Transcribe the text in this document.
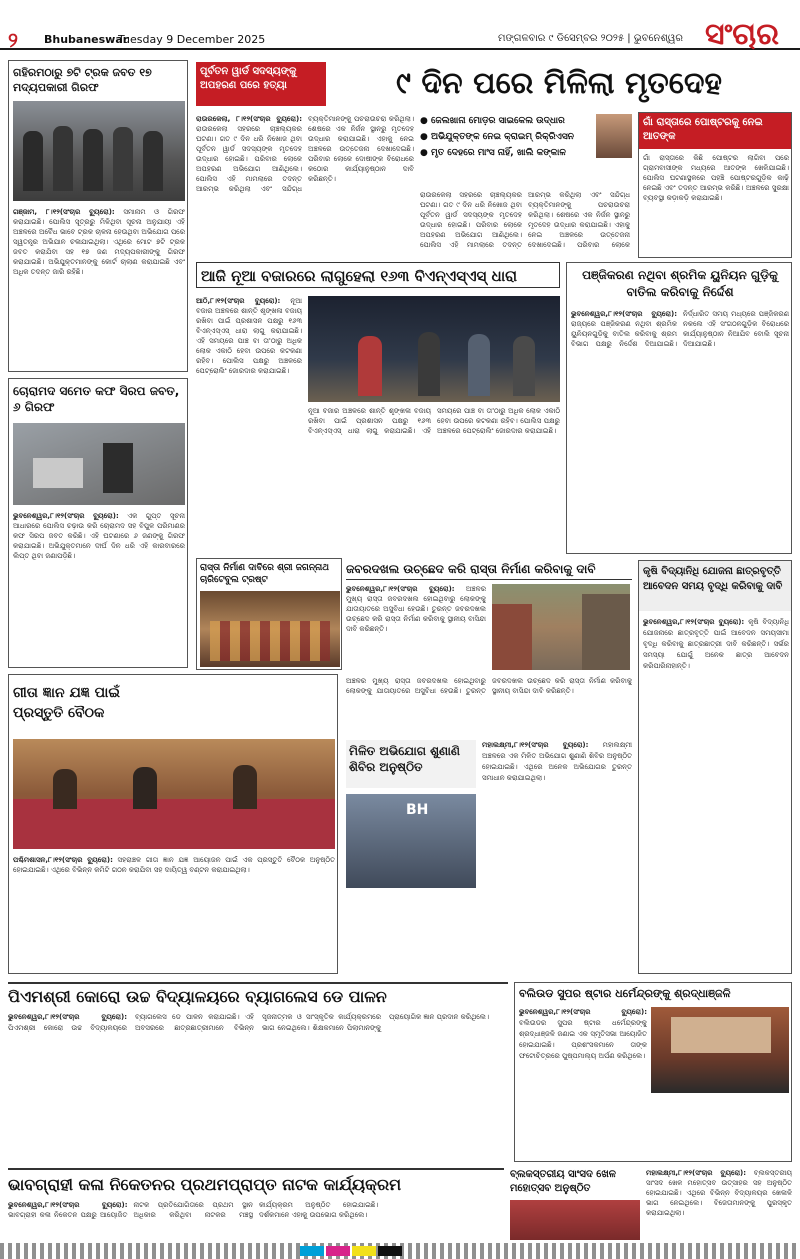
୨	Bhubaneswar
Tuesday 9 December 2025	ମଙ୍ଗଳବାର ୯ ଡିସେମ୍ବର ୨୦୨୫ | ଭୁବନେଶ୍ୱର ସଂଚାର
ଗହିରମଠାରୁ ୭ଟି ଟ୍ରକ ଜବତ ୧୭ ମଦ୍ୟପକାରୀ ଗିରଫ
ଗଞ୍ଜାମ, ୮।୧୨(ସଂଚାର ବ୍ୟୁରୋ): ସମାନାମ ଓ ଗିରଫ କରାଯାଇଛି। ପୋଲିସ ସୂତ୍ରରୁ ମିଳିଥିବା ସୂଚନା ଅନୁଯାୟୀ ଏହି ଅଞ୍ଚଳରେ ଅବୈଧ ଭାବେ ଟ୍ରକ ଚାଳନା ହେଉଥିବା ଅଭିଯୋଗ ପରେ ସ୍ୱତନ୍ତ୍ର ଅଭିଯାନ ଚଳାଯାଇଥିଲା। ଏଥିରେ ମୋଟ ୭ଟି ଟ୍ରକ ଜବତ କରାଯିବା ସହ ୧୭ ଜଣ ମଦ୍ୟପକାରୀଙ୍କୁ ଗିରଫ କରାଯାଇଛି। ଅଭିଯୁକ୍ତମାନଙ୍କୁ କୋର୍ଟ ଚାଲାଣ କରାଯାଇଛି ଏବଂ ଅଧିକ ତଦନ୍ତ ଜାରି ରହିଛି।
ଚୋରାମଦ ସମେତ କଫ ସିରପ ଜବତ, ୬ ଗିରଫ
ଭୁବନେଶ୍ୱର,୮।୧୨(ସଂଚାର ବ୍ୟୁରୋ): ଏକ ଗୁପ୍ତ ସୂଚନା ଆଧାରରେ ପୋଲିସ ଚଢ଼ାଉ କରି ଚୋରାମଦ ସହ ବିପୁଳ ପରିମାଣର କଫ ସିରପ ଜବତ କରିଛି। ଏହି ଘଟଣାରେ ୬ ଜଣଙ୍କୁ ଗିରଫ କରାଯାଇଛି। ଅଭିଯୁକ୍ତମାନେ ଦୀର୍ଘ ଦିନ ଧରି ଏହି କାରବାରରେ ଲିପ୍ତ ଥିବା ଜଣାପଡ଼ିଛି।
ଗୀତା ଜ୍ଞାନ ଯଜ୍ଞ ପାଇଁ ପ୍ରସ୍ତୁତି ବୈଠକ
ପଶ୍ଚିମଶାସନ,୮।୧୨(ସଂଚାର ବ୍ୟୁରୋ): ସହରାଞ୍ଚଳ ଗୀତା ଜ୍ଞାନ ଯଜ୍ଞ ଆୟୋଜନ ପାଇଁ ଏକ ପ୍ରସ୍ତୁତି ବୈଠକ ଅନୁଷ୍ଠିତ ହୋଇଯାଇଛି। ଏଥିରେ ବିଭିନ୍ନ କମିଟି ଗଠନ କରାଯିବା ସହ ଦାୟିତ୍ୱ ବଣ୍ଟନ କରାଯାଇଥିଲା।
ପୂର୍ବତନ ୱାର୍ଡ ସଦସ୍ୟଙ୍କୁ ଅପହରଣ ପରେ ହତ୍ୟା	୯ ଦିନ ପରେ ମିଳିଲା ମୃତଦେହ
ରାଉରକେଲା, ୮।୧୨(ସଂଚାର ବ୍ୟୁରୋ): ରାଉରକେଲା ସହରରେ ଚାଞ୍ଚଲ୍ୟକର ଘଟଣା। ଗତ ୯ ଦିନ ଧରି ନିଖୋଜ ଥିବା ପୂର୍ବତନ ୱାର୍ଡ ସଦସ୍ୟଙ୍କ ମୃତଦେହ ଉଦ୍ଧାର ହୋଇଛି। ପରିବାର ଲୋକେ ଅପହରଣ ଅଭିଯୋଗ ଆଣିଥିଲେ। ପୋଲିସ ଏହି ମାମଲାରେ ତଦନ୍ତ ଆରମ୍ଭ କରିଥିଲା ଏବଂ ସନ୍ଦିଗ୍ଧ ବ୍ୟକ୍ତିମାନଙ୍କୁ ପଚରାଉଚରା କରିଥିଲା। ଶେଷରେ ଏକ ନିର୍ଜନ ସ୍ଥାନରୁ ମୃତଦେହ ଉଦ୍ଧାର କରାଯାଇଛି। ଏହାକୁ ନେଇ ଅଞ୍ଚଳରେ ଉତ୍ତେଜନା ଦେଖାଦେଇଛି। ପରିବାର ଲୋକେ ଦୋଷୀଙ୍କ ବିରୋଧରେ କଠୋର କାର୍ଯ୍ୟାନୁଷ୍ଠାନ ଦାବି କରିଛନ୍ତି।
● ଜେଲଖାନା ମୋଡ଼ର ସାଇକେଲ ଉଦ୍ଧାର
● ଅଭିଯୁକ୍ତଙ୍କ ନେଇ କ୍ରାଇମ୍ ରିକ୍ରିଏସନ
● ମୃତ ଦେହରେ ମାଂସ ନାହିଁ, ଖାଲି କଙ୍କାଳ
ରାଉରକେଲା ସହରରେ ଚାଞ୍ଚଲ୍ୟକର ଘଟଣା। ଗତ ୯ ଦିନ ଧରି ନିଖୋଜ ଥିବା ପୂର୍ବତନ ୱାର୍ଡ ସଦସ୍ୟଙ୍କ ମୃତଦେହ ଉଦ୍ଧାର ହୋଇଛି। ପରିବାର ଲୋକେ ଅପହରଣ ଅଭିଯୋଗ ଆଣିଥିଲେ। ପୋଲିସ ଏହି ମାମଲାରେ ତଦନ୍ତ ଆରମ୍ଭ କରିଥିଲା ଏବଂ ସନ୍ଦିଗ୍ଧ ବ୍ୟକ୍ତିମାନଙ୍କୁ ପଚରାଉଚରା କରିଥିଲା। ଶେଷରେ ଏକ ନିର୍ଜନ ସ୍ଥାନରୁ ମୃତଦେହ ଉଦ୍ଧାର କରାଯାଇଛି। ଏହାକୁ ନେଇ ଅଞ୍ଚଳରେ ଉତ୍ତେଜନା ଦେଖାଦେଇଛି। ପରିବାର ଲୋକେ
ଗାଁ ରାସ୍ତାରେ ପୋଷ୍ଟରକୁ ନେଇ ଆତଙ୍କ
ଗାଁ ରାସ୍ତାରେ କିଛି ପୋଷ୍ଟର ଲାଗିବା ପରେ ଗ୍ରାମବାସୀଙ୍କ ମଧ୍ୟରେ ଆତଙ୍କ ଖେଳିଯାଇଛି। ପୋଲିସ ଘଟଣାସ୍ଥଳରେ ପହଞ୍ଚି ପୋଷ୍ଟରଗୁଡ଼ିକ କାଢ଼ି ନେଇଛି ଏବଂ ତଦନ୍ତ ଆରମ୍ଭ କରିଛି। ଅଞ୍ଚଳରେ ସୁରକ୍ଷା ବ୍ୟବସ୍ଥା କଡ଼ାକଡ଼ି କରାଯାଇଛି।
ଆଜି ନୂଆ ବଜାରରେ ଲାଗୁହେଲା ୧୬୩ ବିଏନ୍ଏସ୍ଏସ୍ ଧାରା
ଆଠି,୮।୧୨(ସଂଚାର ବ୍ୟୁରୋ): ନୂଆ ବଜାର ଅଞ୍ଚଳରେ ଶାନ୍ତି ଶୃଙ୍ଖଳା ବଜାୟ ରଖିବା ପାଇଁ ପ୍ରଶାସନ ପକ୍ଷରୁ ୧୬୩ ବିଏନ୍ଏସ୍ଏସ୍ ଧାରା ଲାଗୁ କରାଯାଇଛି। ଏହି ସମୟରେ ପାଞ୍ଚ ବା ତା'ଠାରୁ ଅଧିକ ଲୋକ ଏକାଠି ହେବା ଉପରେ କଟକଣା ରହିବ। ପୋଲିସ ପକ୍ଷରୁ ଅଞ୍ଚଳରେ ପେଟ୍ରୋଲିଂ ଜୋରଦାର କରାଯାଇଛି।
ନୂଆ ବଜାର ଅଞ୍ଚଳରେ ଶାନ୍ତି ଶୃଙ୍ଖଳା ବଜାୟ ରଖିବା ପାଇଁ ପ୍ରଶାସନ ପକ୍ଷରୁ ୧୬୩ ବିଏନ୍ଏସ୍ଏସ୍ ଧାରା ଲାଗୁ କରାଯାଇଛି। ଏହି ସମୟରେ ପାଞ୍ଚ ବା ତା'ଠାରୁ ଅଧିକ ଲୋକ ଏକାଠି ହେବା ଉପରେ କଟକଣା ରହିବ। ପୋଲିସ ପକ୍ଷରୁ ଅଞ୍ଚଳରେ ପେଟ୍ରୋଲିଂ ଜୋରଦାର କରାଯାଇଛି।
ପଞ୍ଜିକରଣ ନଥିବା ଶ୍ରମିକ ୟୁନିୟନ ଗୁଡ଼ିକୁ ବାତିଲ କରିବାକୁ ନିର୍ଦ୍ଦେଶ
ଭୁବନେଶ୍ୱର,୮।୧୨(ସଂଚାର ବ୍ୟୁରୋ): ରାଜ୍ୟରେ ପଞ୍ଜିକରଣ ନଥିବା ଶ୍ରମିକ ୟୁନିୟନଗୁଡ଼ିକୁ ବାତିଲ କରିବାକୁ ଶ୍ରମ ବିଭାଗ ପକ୍ଷରୁ ନିର୍ଦ୍ଦେଶ ଦିଆଯାଇଛି। ନିର୍ଦ୍ଧାରିତ ସମୟ ମଧ୍ୟରେ ପଞ୍ଜିକରଣ ନକଲେ ଏହି ସଂଗଠନଗୁଡ଼ିକ ବିରୋଧରେ କାର୍ଯ୍ୟାନୁଷ୍ଠାନ ନିଆଯିବ ବୋଲି ସୂଚନା ଦିଆଯାଇଛି।
ରାସ୍ତା ନିର୍ମାଣ ଦାବିରେ ଶ୍ରୀ ଜଗନ୍ନାଥ ଚାରିଟେବୁଲ ଟ୍ରଷ୍ଟ
ଜବରଦଖଲ ଉଚ୍ଛେଦ କରି ରାସ୍ତା ନିର୍ମାଣ କରିବାକୁ ଦାବି
ଭୁବନେଶ୍ୱର,୮।୧୨(ସଂଚାର ବ୍ୟୁରୋ): ଅଞ୍ଚଳର ମୁଖ୍ୟ ରାସ୍ତା ଜବରଦଖଲ ହୋଇଥିବାରୁ ଲୋକଙ୍କୁ ଯାତାୟାତରେ ଅସୁବିଧା ହେଉଛି। ତୁରନ୍ତ ଜବରଦଖଲ ଉଚ୍ଛେଦ କରି ରାସ୍ତା ନିର୍ମାଣ କରିବାକୁ ସ୍ଥାନୀୟ ବାସିନ୍ଦା ଦାବି କରିଛନ୍ତି।
କୃଷି ବିଦ୍ୟାନିଧି ଯୋଜନା ଛାତ୍ରବୃତ୍ତି ଆବେଦନ ସମୟ ବୃଦ୍ଧି କରିବାକୁ ଦାବି
ଭୁବନେଶ୍ୱର,୮।୧୨(ସଂଚାର ବ୍ୟୁରୋ): କୃଷି ବିଦ୍ୟାନିଧି ଯୋଜନାରେ ଛାତ୍ରବୃତ୍ତି ପାଇଁ ଆବେଦନ ସମୟସୀମା ବୃଦ୍ଧି କରିବାକୁ ଛାତ୍ରଛାତ୍ରୀ ଦାବି କରିଛନ୍ତି। ସର୍ଭର ସମସ୍ୟା ଯୋଗୁଁ ଅନେକ ଛାତ୍ର ଆବେଦନ କରିପାରିନାହାନ୍ତି।
ଅଞ୍ଚଳର ମୁଖ୍ୟ ରାସ୍ତା ଜବରଦଖଲ ହୋଇଥିବାରୁ ଲୋକଙ୍କୁ ଯାତାୟାତରେ ଅସୁବିଧା ହେଉଛି। ତୁରନ୍ତ ଜବରଦଖଲ ଉଚ୍ଛେଦ କରି ରାସ୍ତା ନିର୍ମାଣ କରିବାକୁ ସ୍ଥାନୀୟ ବାସିନ୍ଦା ଦାବି କରିଛନ୍ତି।
ମିଳିତ ଅଭିଯୋଗ ଶୁଣାଣି ଶିବିର ଅନୁଷ୍ଠିତ
BH
ମହାଲକ୍ଷ୍ମୀ,୮।୧୨(ସଂଚାର ବ୍ୟୁରୋ): ମହାଲକ୍ଷ୍ମୀ ଅଞ୍ଚଳରେ ଏକ ମିଳିତ ଅଭିଯୋଗ ଶୁଣାଣି ଶିବିର ଅନୁଷ୍ଠିତ ହୋଇଯାଇଛି। ଏଥିରେ ଅନେକ ଅଭିଯୋଗର ତୁରନ୍ତ ସମାଧାନ କରାଯାଇଥିଲା।
ପିଏମଶ୍ରୀ କୋରୋ ଉଚ୍ଚ ବିଦ୍ୟାଳୟରେ ବ୍ୟାଗଲେସ ଡେ ପାଳନ
ଭୁବନେଶ୍ୱର,୮।୧୨(ସଂଚାର ବ୍ୟୁରୋ): ପିଏମଶ୍ରୀ କୋରୋ ଉଚ୍ଚ ବିଦ୍ୟାଳୟରେ ବ୍ୟାଗଲେସ ଡେ ପାଳନ କରାଯାଇଛି। ଏହି ଅବସରରେ ଛାତ୍ରଛାତ୍ରୀମାନେ ବିଭିନ୍ନ ସୃଜନାତ୍ମକ ଓ ସାଂସ୍କୃତିକ କାର୍ଯ୍ୟକ୍ରମରେ ଭାଗ ନେଇଥିଲେ। ଶିକ୍ଷକମାନେ ପିଲାମାନଙ୍କୁ ପ୍ରାୟୋଗିକ ଜ୍ଞାନ ପ୍ରଦାନ କରିଥିଲେ।
ବଲିଉଡ ସୁପର ଷ୍ଟାର ଧର୍ମେନ୍ଦ୍ରଙ୍କୁ ଶ୍ରଦ୍ଧାଞ୍ଜଳି
ଭୁବନେଶ୍ୱର,୮।୧୨(ସଂଚାର ବ୍ୟୁରୋ): ବଲିଉଡର ସୁପର ଷ୍ଟାର ଧର୍ମେନ୍ଦ୍ରଙ୍କୁ ଶ୍ରଦ୍ଧାଞ୍ଜଳି ଜଣାଇ ଏକ ସ୍ମୃତିସଭା ଆୟୋଜିତ ହୋଇଯାଇଛି। ପ୍ରଶଂସକମାନେ ତାଙ୍କ ଫଟୋଚିତ୍ରରେ ପୁଷ୍ପମାଲ୍ୟ ଅର୍ପଣ କରିଥିଲେ।
ଭାବଗ୍ରାହୀ କଳା ନିକେତନର ପ୍ରଥମପ୍ରାପ୍ତ ନାଟକ କାର୍ଯ୍ୟକ୍ରମ
ଭୁବନେଶ୍ୱର,୮।୧୨(ସଂଚାର ବ୍ୟୁରୋ): ଭାବଗ୍ରାହୀ କଳା ନିକେତନ ପକ୍ଷରୁ ଆୟୋଜିତ ନାଟକ ପ୍ରତିଯୋଗିତାରେ ପ୍ରଥମ ସ୍ଥାନ ଅଧିକାର କରିଥିବା ନାଟକର ମଞ୍ଚସ୍ଥ କାର୍ଯ୍ୟକ୍ରମ ଅନୁଷ୍ଠିତ ହୋଇଯାଇଛି। ଦର୍ଶକମାନେ ଏହାକୁ ଉପଭୋଗ କରିଥିଲେ।
ବ୍ଲକସ୍ତରୀୟ ସାଂସଦ ଖେଳ ମହୋତ୍ସବ ଅନୁଷ୍ଠିତ
ମହାଲକ୍ଷ୍ମୀ,୮।୧୨(ସଂଚାର ବ୍ୟୁରୋ): ବ୍ଲକସ୍ତରୀୟ ସାଂସଦ ଖେଳ ମହୋତ୍ସବ ଉତ୍ସାହର ସହ ଅନୁଷ୍ଠିତ ହୋଇଯାଇଛି। ଏଥିରେ ବିଭିନ୍ନ ବିଦ୍ୟାଳୟର ଖେଳାଳି ଭାଗ ନେଇଥିଲେ। ବିଜେତାମାନଙ୍କୁ ପୁରସ୍କୃତ କରାଯାଇଥିଲା।
